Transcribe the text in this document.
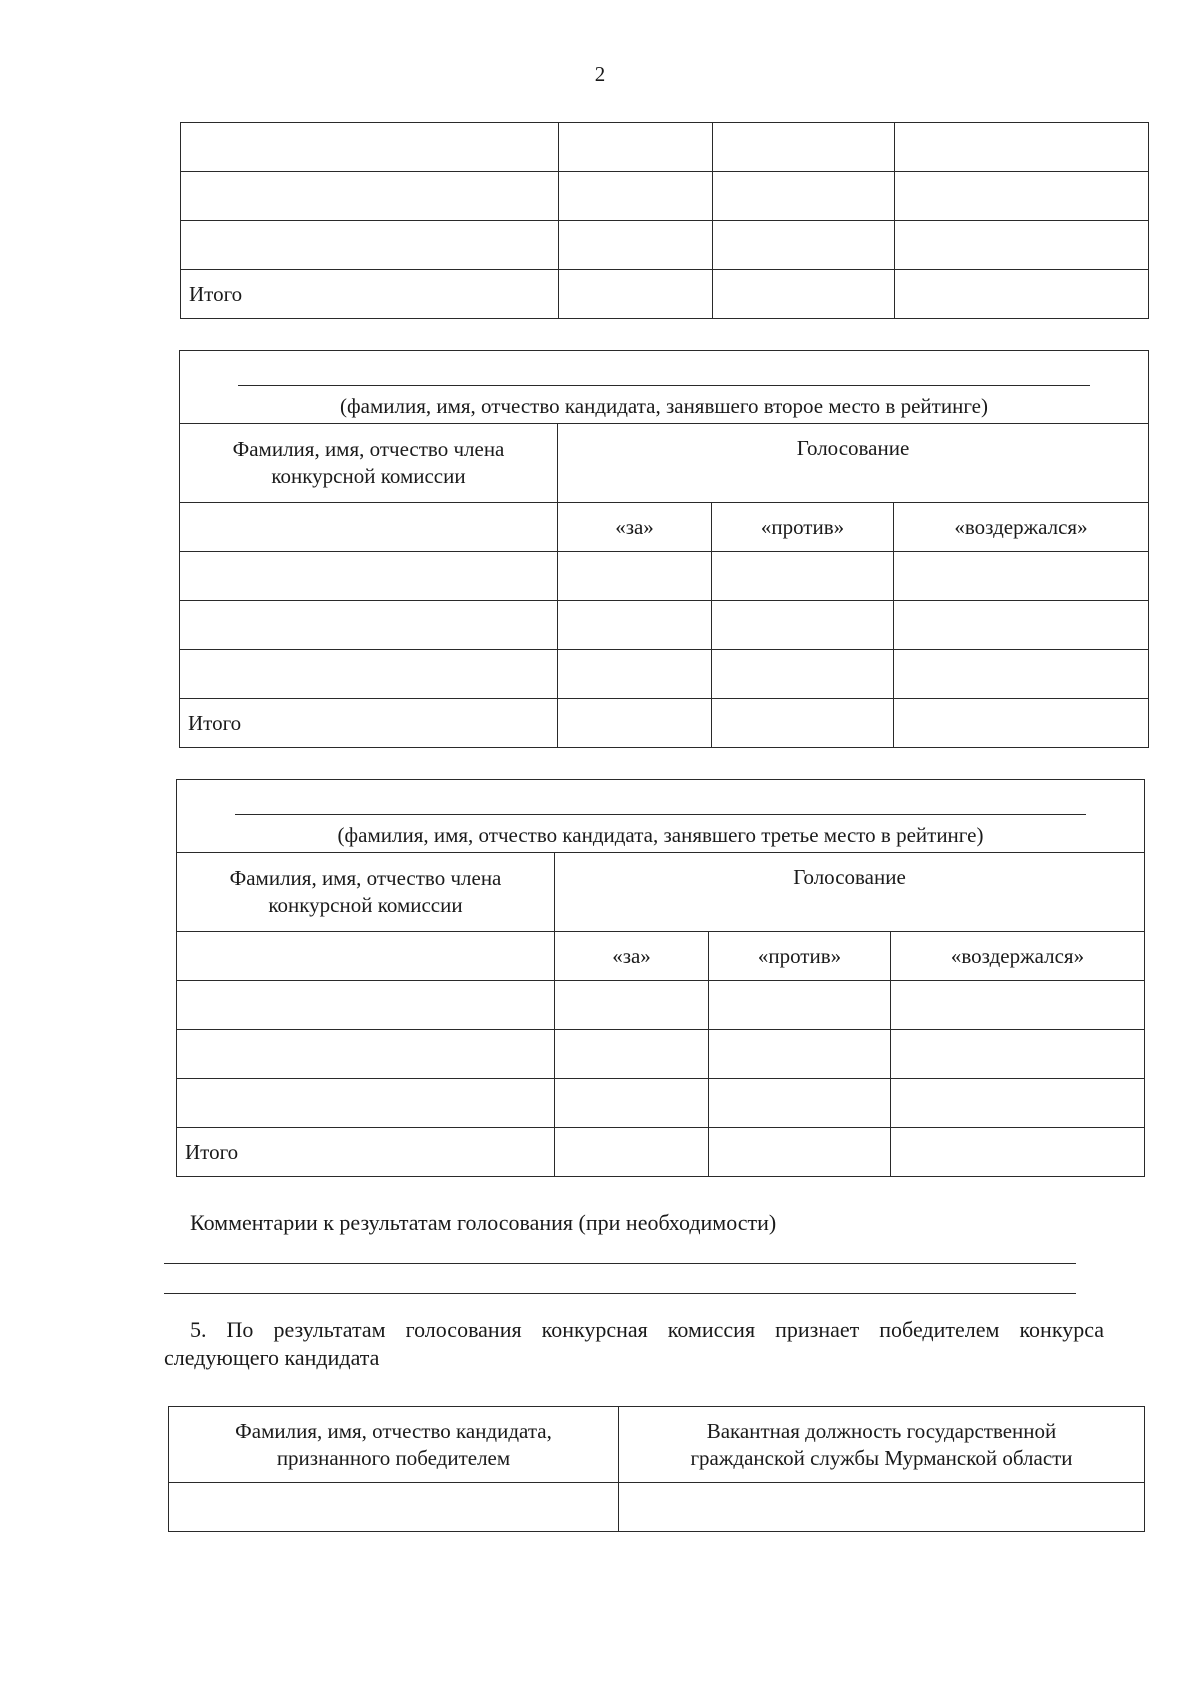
2

Итого			
(фамилия, имя, отчество кандидата, занявшего второе место в рейтинге)			

Фамилия, имя, отчество члена конкурсной комиссии	Голосование		
	«за»	«против»	«воздержался»

Итого			
(фамилия, имя, отчество кандидата, занявшего третье место в рейтинге)			

Фамилия, имя, отчество члена конкурсной комиссии	Голосование		
	«за»	«против»	«воздержался»

Итого			
Комментарии к результатам голосования (при необходимости)
5. По результатам голосования конкурсная комиссия признает победителем конкурса
следующего кандидата
Фамилия, имя, отчество кандидата, признанного победителем	Вакантная должность государственной гражданской службы Мурманской области
